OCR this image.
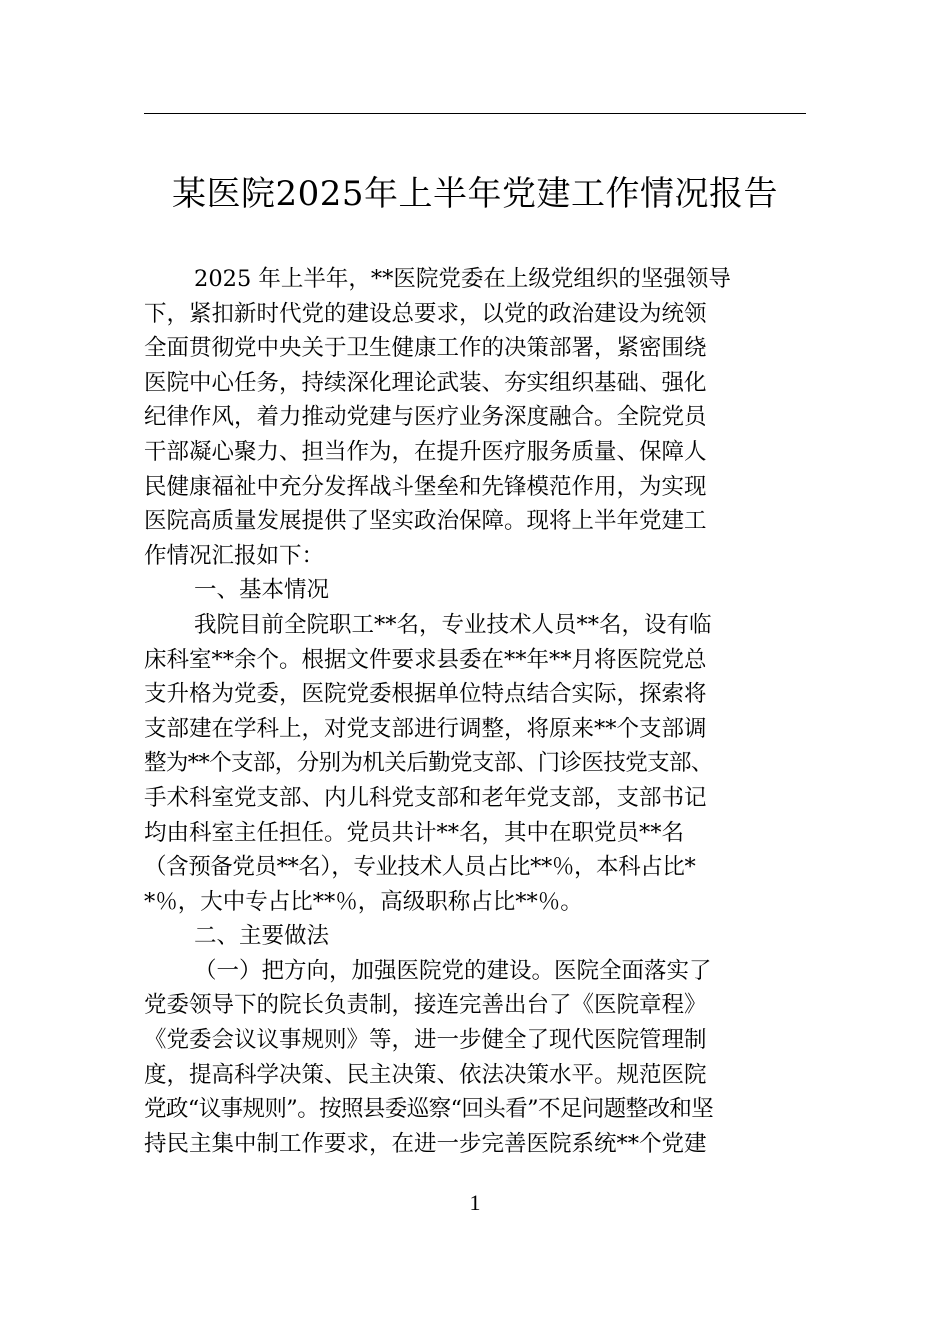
某医院2025年上半年党建工作情况报告

2025 年上半年，**医院党委在上级党组织的坚强领导
下，紧扣新时代党的建设总要求，以党的政治建设为统领
全面贯彻党中央关于卫生健康工作的决策部署，紧密围绕
医院中心任务，持续深化理论武装、夯实组织基础、强化
纪律作风，着力推动党建与医疗业务深度融合。全院党员
干部凝心聚力、担当作为，在提升医疗服务质量、保障人
民健康福祉中充分发挥战斗堡垒和先锋模范作用，为实现
医院高质量发展提供了坚实政治保障。现将上半年党建工
作情况汇报如下：

一、基本情况

我院目前全院职工**名，专业技术人员**名，设有临
床科室**余个。根据文件要求县委在**年**月将医院党总
支升格为党委，医院党委根据单位特点结合实际，探索将
支部建在学科上，对党支部进行调整，将原来**个支部调
整为**个支部，分别为机关后勤党支部、门诊医技党支部、
手术科室党支部、内儿科党支部和老年党支部，支部书记
均由科室主任担任。党员共计**名，其中在职党员**名
（含预备党员**名），专业技术人员占比**％，本科占比*
*％，大中专占比**％，高级职称占比**％。

二、主要做法

（一）把方向，加强医院党的建设。医院全面落实了
党委领导下的院长负责制，接连完善出台了《医院章程》
《党委会议议事规则》等，进一步健全了现代医院管理制
度，提高科学决策、民主决策、依法决策水平。规范医院
党政“议事规则”。按照县委巡察“回头看”不足问题整改和坚
持民主集中制工作要求，在进一步完善医院系统**个党建

1
